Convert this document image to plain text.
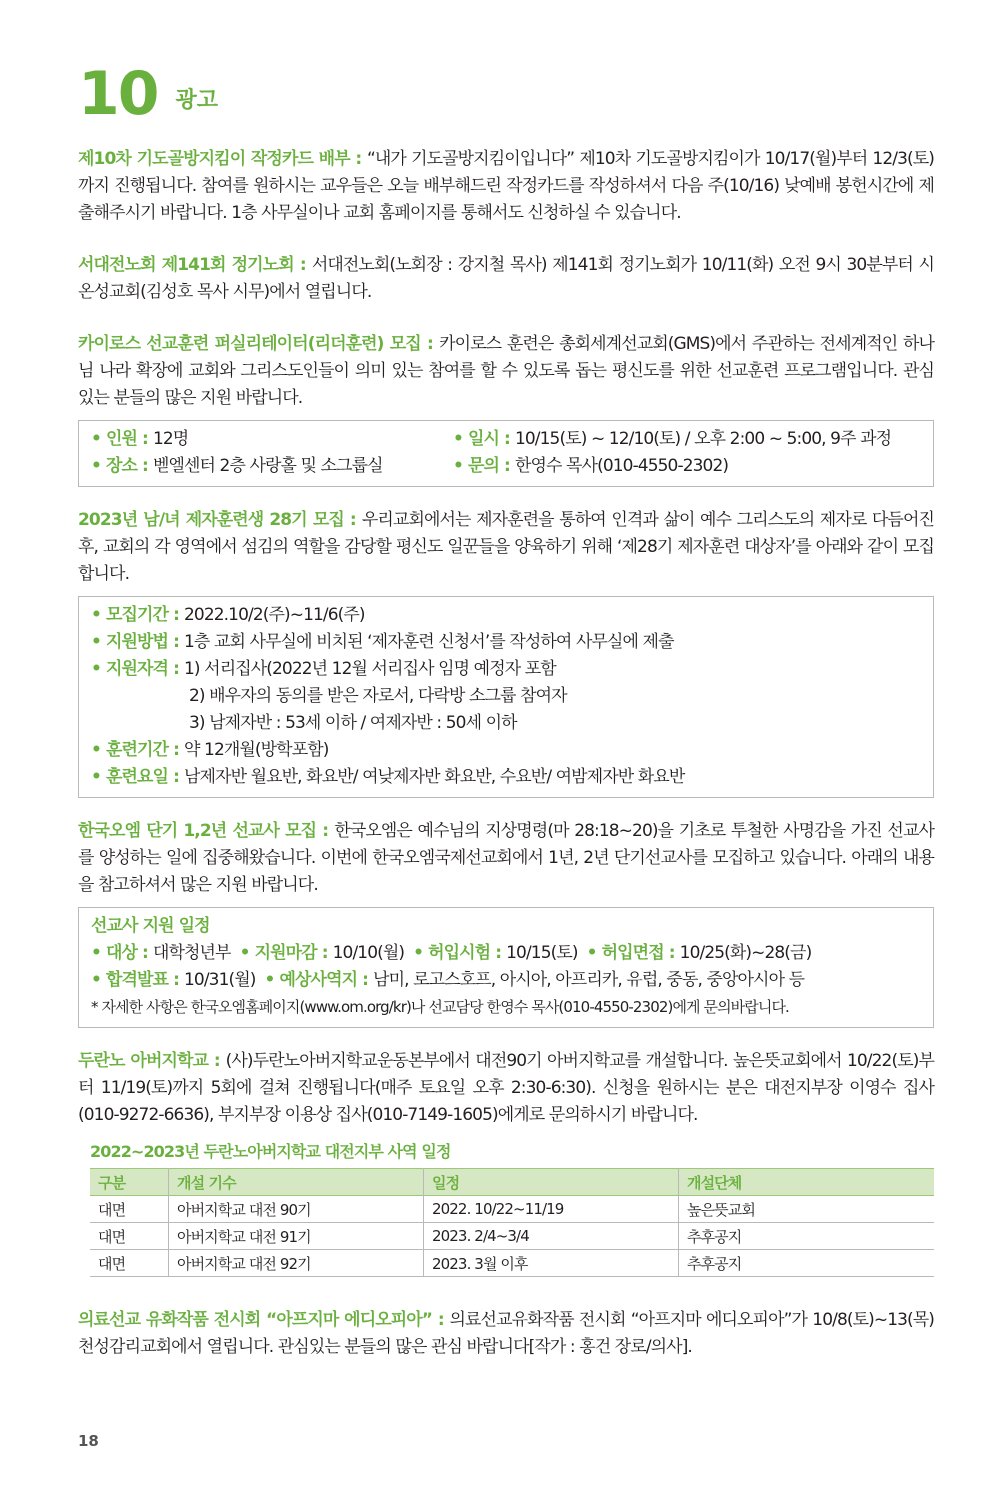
10 광고

제10차 기도골방지킴이 작정카드 배부 : “내가 기도골방지킴이입니다” 제10차 기도골방지킴이가 10/17(월)부터 12/3(토)까지 진행됩니다. 참여를 원하시는 교우들은 오늘 배부해드린 작정카드를 작성하셔서 다음 주(10/16) 낮예배 봉헌시간에 제출해주시기 바랍니다. 1층 사무실이나 교회 홈페이지를 통해서도 신청하실 수 있습니다.

서대전노회 제141회 정기노회 : 서대전노회(노회장 : 강지철 목사) 제141회 정기노회가 10/11(화) 오전 9시 30분부터 시온성교회(김성호 목사 시무)에서 열립니다.

카이로스 선교훈련 퍼실리테이터(리더훈련) 모집 : 카이로스 훈련은 총회세계선교회(GMS)에서 주관하는 전세계적인 하나님 나라 확장에 교회와 그리스도인들이 의미 있는 참여를 할 수 있도록 돕는 평신도를 위한 선교훈련 프로그램입니다. 관심 있는 분들의 많은 지원 바랍니다.

• 인원 : 12명	• 일시 : 10/15(토) ~ 12/10(토) / 오후 2:00 ~ 5:00, 9주 과정
• 장소 : 벧엘센터 2층 사랑홀 및 소그룹실	• 문의 : 한영수 목사(010-4550-2302)

2023년 남/녀 제자훈련생 28기 모집 : 우리교회에서는 제자훈련을 통하여 인격과 삶이 예수 그리스도의 제자로 다듬어진 후, 교회의 각 영역에서 섬김의 역할을 감당할 평신도 일꾼들을 양육하기 위해 ‘제28기 제자훈련 대상자’를 아래와 같이 모집합니다.

• 모집기간 : 2022.10/2(주)~11/6(주)
• 지원방법 : 1층 교회 사무실에 비치된 ‘제자훈련 신청서’를 작성하여 사무실에 제출
• 지원자격 : 1) 서리집사(2022년 12월 서리집사 임명 예정자 포함
2) 배우자의 동의를 받은 자로서, 다락방 소그룹 참여자
3) 남제자반 : 53세 이하 / 여제자반 : 50세 이하
• 훈련기간 : 약 12개월(방학포함)
• 훈련요일 : 남제자반 월요반, 화요반/ 여낮제자반 화요반, 수요반/ 여밤제자반 화요반

한국오엠 단기 1,2년 선교사 모집 : 한국오엠은 예수님의 지상명령(마 28:18~20)을 기초로 투철한 사명감을 가진 선교사를 양성하는 일에 집중해왔습니다. 이번에 한국오엠국제선교회에서 1년, 2년 단기선교사를 모집하고 있습니다. 아래의 내용을 참고하셔서 많은 지원 바랍니다.

선교사 지원 일정
• 대상 : 대학청년부 • 지원마감 : 10/10(월) • 허입시험 : 10/15(토) • 허입면접 : 10/25(화)~28(금)
• 합격발표 : 10/31(월) • 예상사역지 : 남미, 로고스호프, 아시아, 아프리카, 유럽, 중동, 중앙아시아 등
* 자세한 사항은 한국오엠홈페이지(www.om.org/kr)나 선교담당 한영수 목사(010-4550-2302)에게 문의바랍니다.

두란노 아버지학교 : (사)두란노아버지학교운동본부에서 대전90기 아버지학교를 개설합니다. 높은뜻교회에서 10/22(토)부터 11/19(토)까지 5회에 걸쳐 진행됩니다(매주 토요일 오후 2:30-6:30). 신청을 원하시는 분은 대전지부장 이영수 집사(010-9272-6636), 부지부장 이용상 집사(010-7149-1605)에게로 문의하시기 바랍니다.

2022~2023년 두란노아버지학교 대전지부 사역 일정
구분	개설 기수	일정	개설단체
대면	아버지학교 대전 90기	2022. 10/22~11/19	높은뜻교회
대면	아버지학교 대전 91기	2023. 2/4~3/4	추후공지
대면	아버지학교 대전 92기	2023. 3월 이후	추후공지

의료선교 유화작품 전시회 “아프지마 에디오피아” : 의료선교유화작품 전시회 “아프지마 에디오피아”가 10/8(토)~13(목) 천성감리교회에서 열립니다. 관심있는 분들의 많은 관심 바랍니다[작가 : 홍건 장로/의사].

18
